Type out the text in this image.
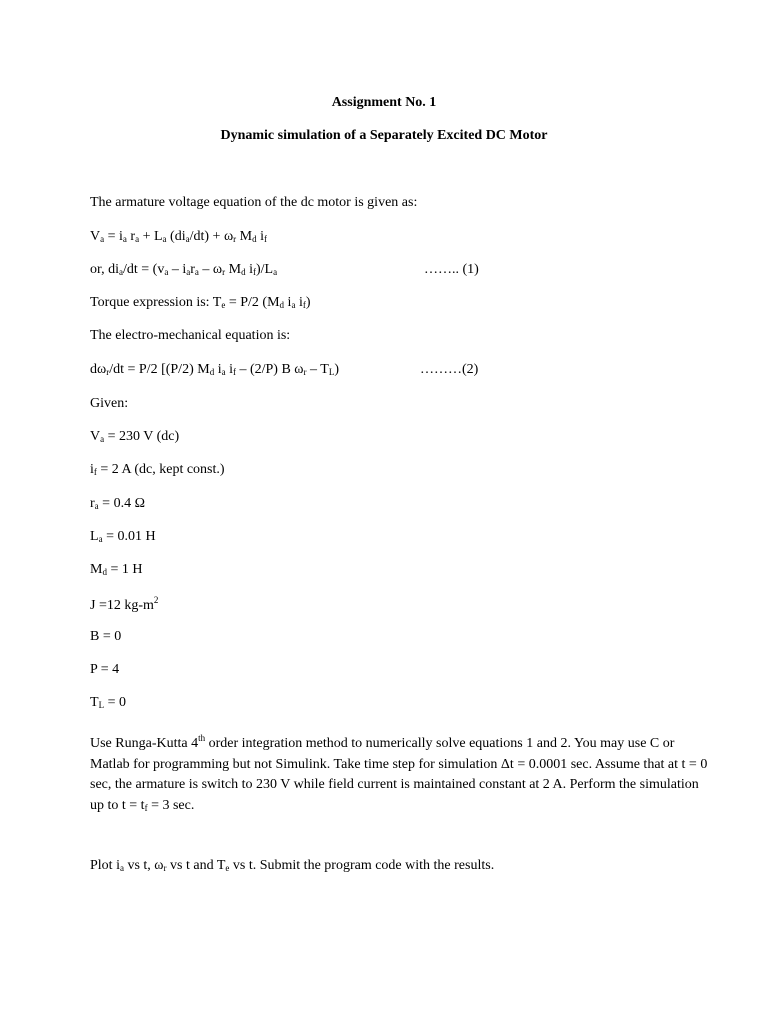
Assignment No. 1
Dynamic simulation of a Separately Excited DC Motor
The armature voltage equation of the dc motor is given as:
$V_a = i_a$ $r_a + L_a$ $(di_a/dt) + \omega_r$ $M_d$ $i_f$
or, $di_a/dt = (v_a - i_ar_a - \omega_r$ $M_d$ $i_f)/L_a$	…….. (1)
Torque expression is: $T_e = P/2$ ($M_d$ $i_a$ $i_f$)
The electro-mechanical equation is:
$d\omega_r/dt = P/2$ [(P/2) $M_d$ $i_a$ $i_f - (2/P)$ B $\omega_r - T_L$)	………(2)
Given:
$V_a = 230$ V (dc)
$i_f = 2$ A (dc, kept const.)
$r_a = 0.4$ Ω
$L_a = 0.01$ H
$M_d = 1$ H
J =12 $kg-m^2$
B = 0
P = 4
$T_L = 0$
Use Runga-Kutta 4th order integration method to numerically solve equations 1 and 2. You may use C or Matlab for programming but not Simulink. Take time step for simulation Δt = 0.0001 sec. Assume that at t = 0 sec, the armature is switch to 230 V while field current is maintained constant at 2 A. Perform the simulation up to $t = t_f = 3$ sec.
Plot $i_a$ vs t, $\omega_r$ vs t and $T_e$ vs t. Submit the program code with the results.
